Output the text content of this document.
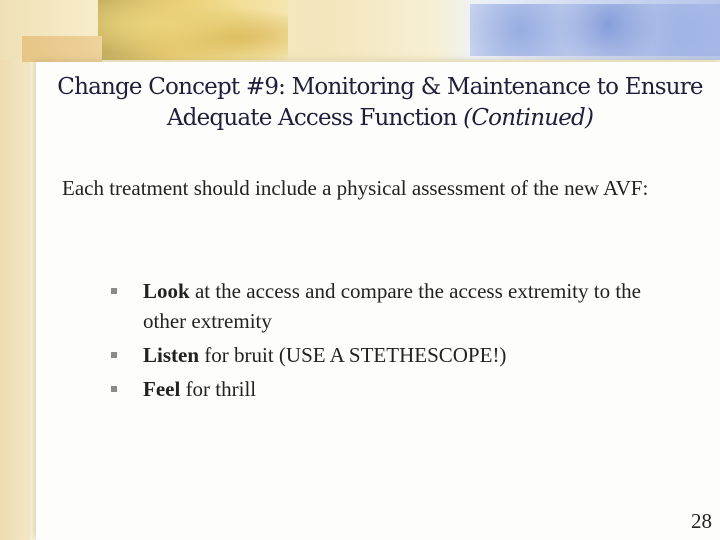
Change Concept #9: Monitoring & Maintenance to Ensure Adequate Access Function (Continued)
Each treatment should include a physical assessment of the new AVF:
Look at the access and compare the access extremity to the other extremity
Listen for bruit (USE A STETHESCOPE!)
Feel for thrill
28
